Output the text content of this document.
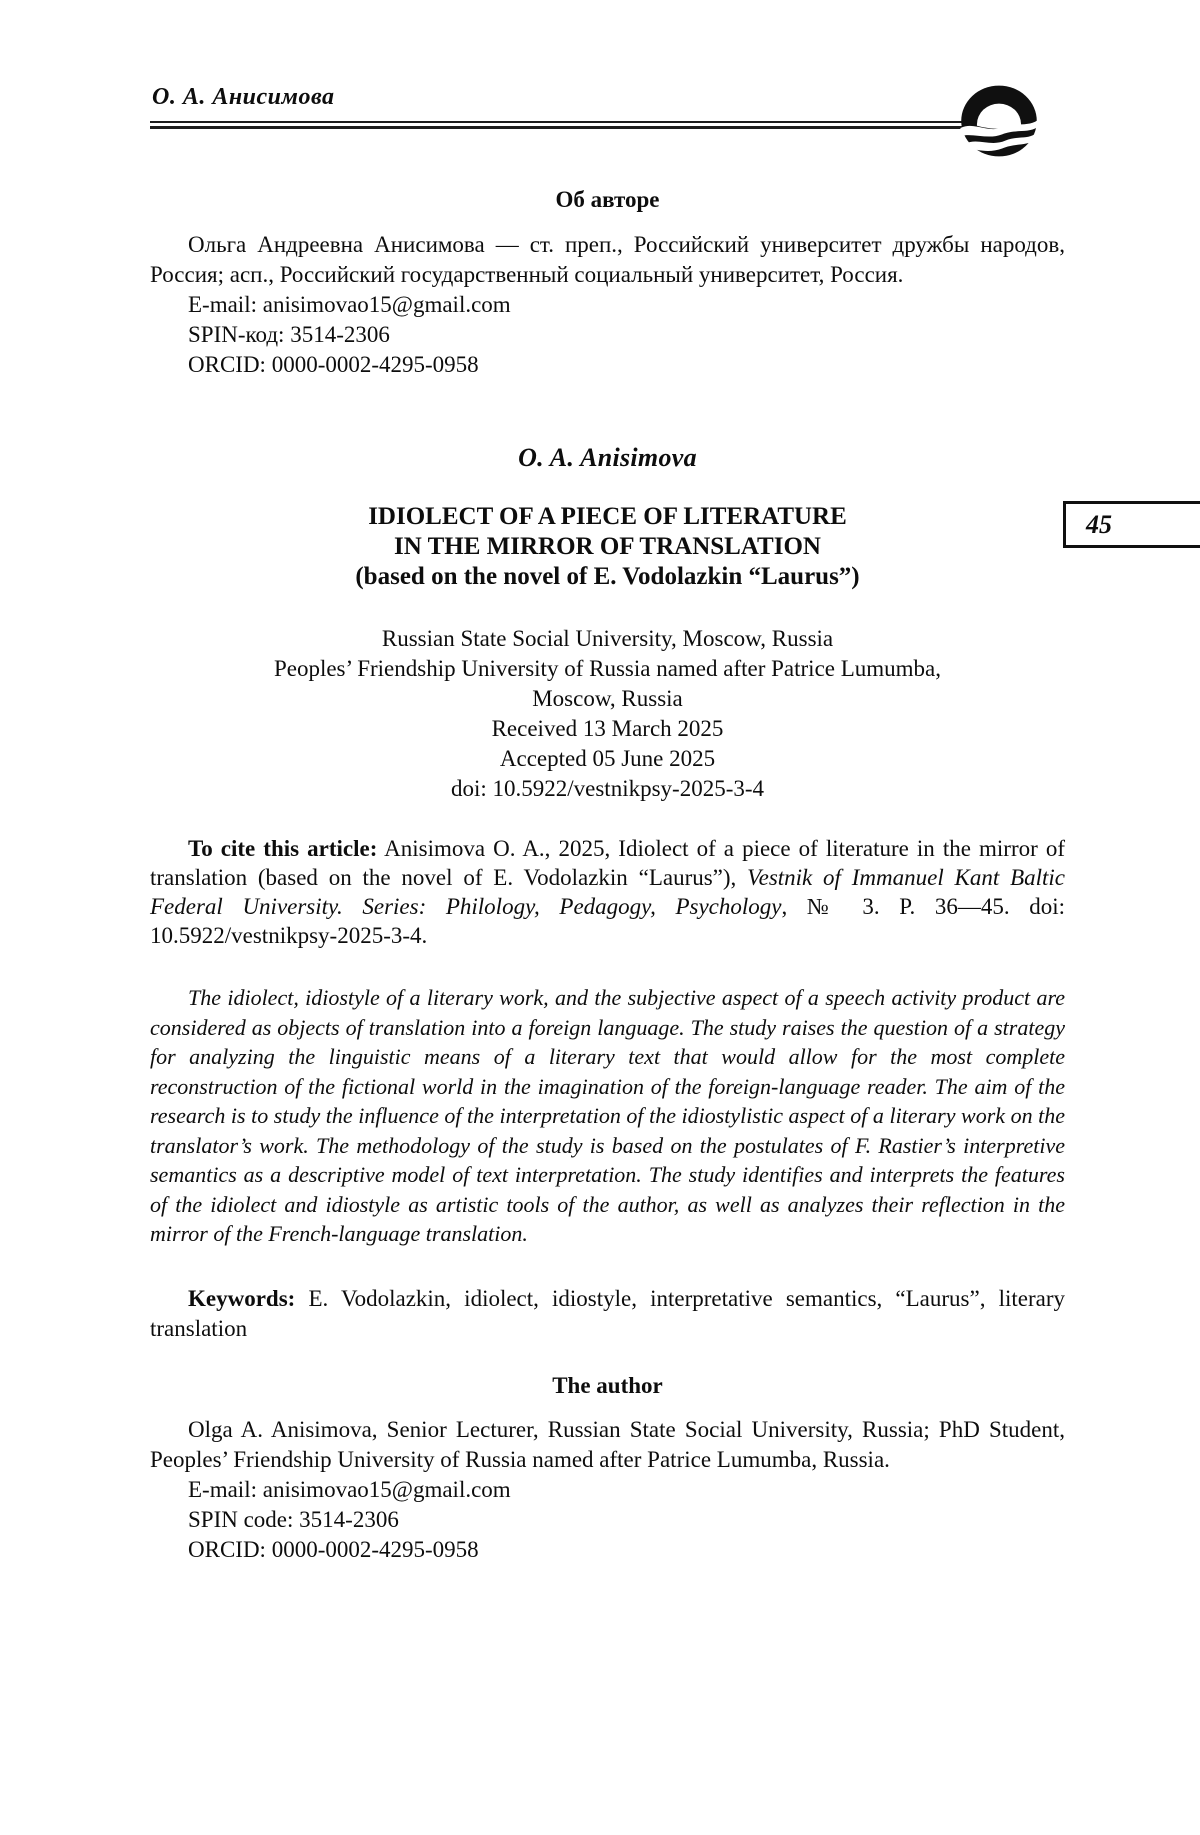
О. А. Анисимова
45
Об авторе

Ольга Андреевна Анисимова — ст. преп., Российский университет дружбы народов, Россия; асп., Российский государственный социальный университет, Россия.

E-mail: anisimovao15@gmail.com

SPIN-код: 3514-2306

ORCID: 0000-0002-4295-0958

O. A. Anisimova

IDIOLECT OF A PIECE OF LITERATURE
IN THE MIRROR OF TRANSLATION
(based on the novel of E. Vodolazkin “Laurus”)
Russian State Social University, Moscow, Russia
Peoples’ Friendship University of Russia named after Patrice Lumumba,
Moscow, Russia
Received 13 March 2025
Accepted 05 June 2025
doi: 10.5922/vestnikpsy-2025-3-4

To cite this article: Anisimova O. A., 2025, Idiolect of a piece of literature in the mirror of translation (based on the novel of E. Vodolazkin “Laurus”), Vestnik of Immanuel Kant Baltic Federal University. Series: Philology, Pedagogy, Psychology, № 3. P. 36—45. doi: 10.5922/vestnikpsy-2025-3-4.

The idiolect, idiostyle of a literary work, and the subjective aspect of a speech activity product are considered as objects of translation into a foreign language. The study raises the question of a strategy for analyzing the linguistic means of a literary text that would allow for the most complete reconstruction of the fictional world in the imagination of the foreign-language reader. The aim of the research is to study the influence of the interpretation of the idiostylistic aspect of a literary work on the translator’s work. The methodology of the study is based on the postulates of F. Rastier’s interpretive semantics as a descriptive model of text interpretation. The study identifies and interprets the features of the idiolect and idiostyle as artistic tools of the author, as well as analyzes their reflection in the mirror of the French-language translation.

Keywords: E. Vodolazkin, idiolect, idiostyle, interpretative semantics, “Laurus”, literary translation

The author

Olga A. Anisimova, Senior Lecturer, Russian State Social University, Russia; PhD Student, Peoples’ Friendship University of Russia named after Patrice Lumumba, Russia.

E-mail: anisimovao15@gmail.com

SPIN code: 3514-2306

ORCID: 0000-0002-4295-0958
